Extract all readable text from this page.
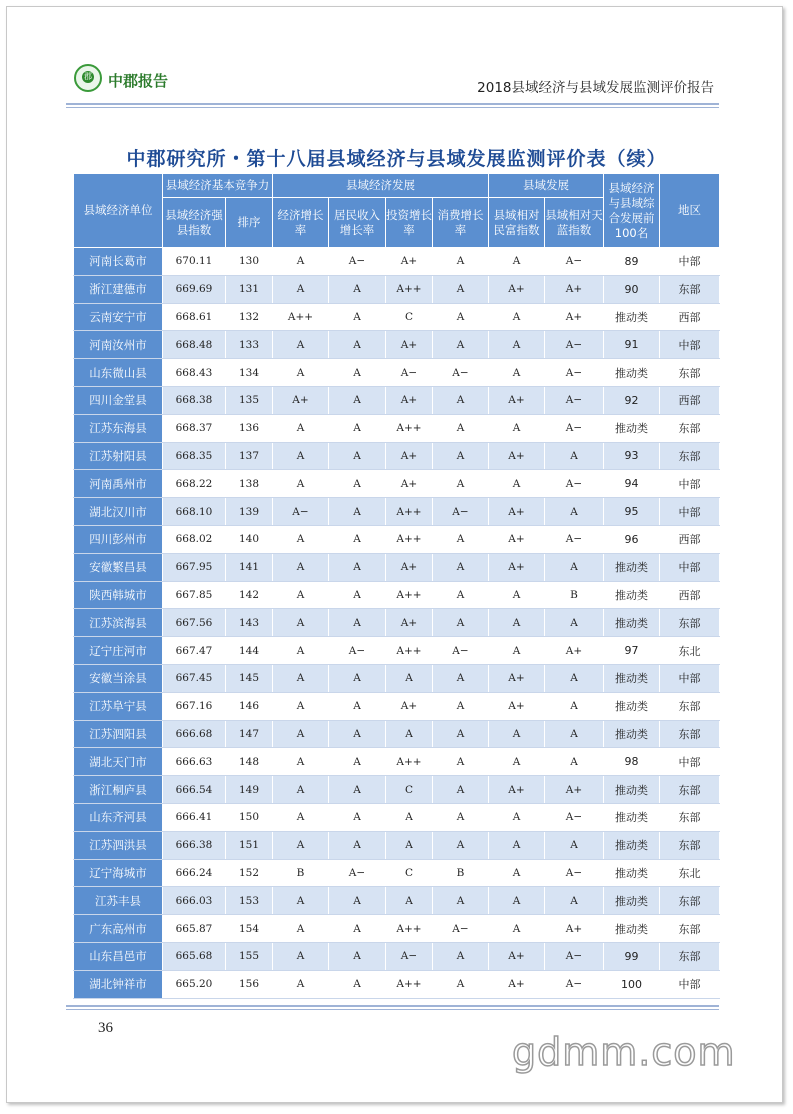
郡 中郡报告	2018县域经济与县域发展监测评价报告
中郡研究所・第十八届县域经济与县域发展监测评价表（续）
县域经济单位	县域经济基本竞争力		县域经济发展				县域发展		县域经济与县域综合发展前100名	地区
	县域经济强县指数	排序	经济增长率	居民收入增长率	投资增长率	消费增长率	县域相对民富指数	县域相对天蓝指数		
河南长葛市	670.11	130	A	A−	A+	A	A	A−	89	中部
浙江建德市	669.69	131	A	A	A++	A	A+	A+	90	东部
云南安宁市	668.61	132	A++	A	C	A	A	A+	推动类	西部
河南汝州市	668.48	133	A	A	A+	A	A	A−	91	中部
山东微山县	668.43	134	A	A	A−	A−	A	A−	推动类	东部
四川金堂县	668.38	135	A+	A	A+	A	A+	A−	92	西部
江苏东海县	668.37	136	A	A	A++	A	A	A−	推动类	东部
江苏射阳县	668.35	137	A	A	A+	A	A+	A	93	东部
河南禹州市	668.22	138	A	A	A+	A	A	A−	94	中部
湖北汉川市	668.10	139	A−	A	A++	A−	A+	A	95	中部
四川彭州市	668.02	140	A	A	A++	A	A+	A−	96	西部
安徽繁昌县	667.95	141	A	A	A+	A	A+	A	推动类	中部
陕西韩城市	667.85	142	A	A	A++	A	A	B	推动类	西部
江苏滨海县	667.56	143	A	A	A+	A	A	A	推动类	东部
辽宁庄河市	667.47	144	A	A−	A++	A−	A	A+	97	东北
安徽当涂县	667.45	145	A	A	A	A	A+	A	推动类	中部
江苏阜宁县	667.16	146	A	A	A+	A	A+	A	推动类	东部
江苏泗阳县	666.68	147	A	A	A	A	A	A	推动类	东部
湖北天门市	666.63	148	A	A	A++	A	A	A	98	中部
浙江桐庐县	666.54	149	A	A	C	A	A+	A+	推动类	东部
山东齐河县	666.41	150	A	A	A	A	A	A−	推动类	东部
江苏泗洪县	666.38	151	A	A	A	A	A	A	推动类	东部
辽宁海城市	666.24	152	B	A−	C	B	A	A−	推动类	东北
江苏丰县	666.03	153	A	A	A	A	A	A	推动类	东部
广东高州市	665.87	154	A	A	A++	A−	A	A+	推动类	东部
山东昌邑市	665.68	155	A	A	A−	A	A+	A−	99	东部
湖北钟祥市	665.20	156	A	A	A++	A	A+	A−	100	中部
36
gdmm.com
